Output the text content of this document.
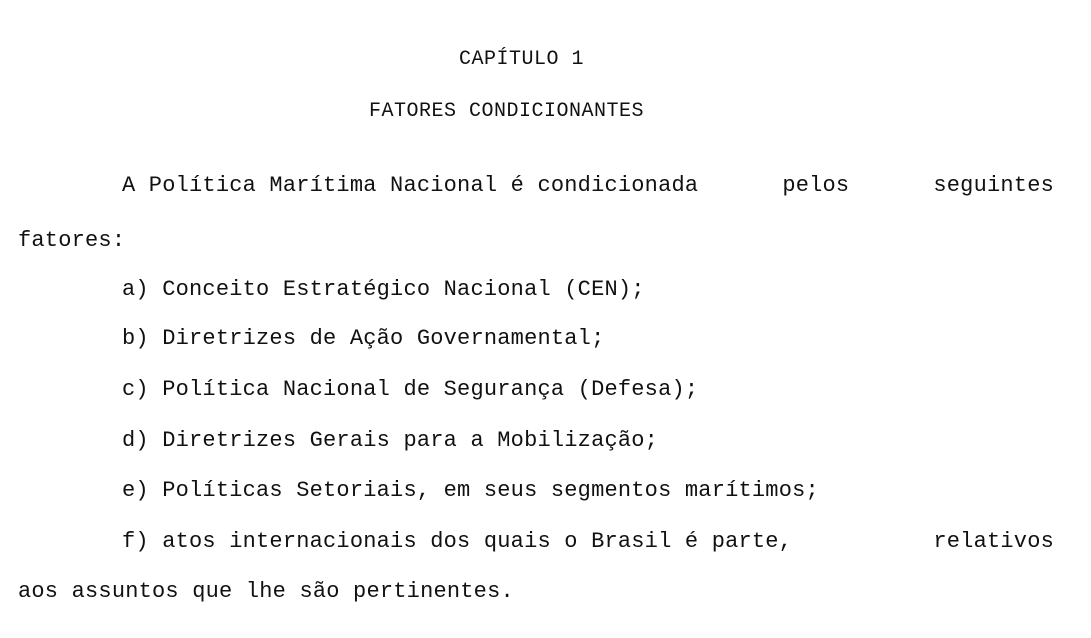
CAPÍTULO 1
FATORES CONDICIONANTES
A Política Marítima Nacional é condicionada	pelos	seguintes
fatores:
a) Conceito Estratégico Nacional (CEN);
b) Diretrizes de Ação Governamental;
c) Política Nacional de Segurança (Defesa);
d) Diretrizes Gerais para a Mobilização;
e) Políticas Setoriais, em seus segmentos marítimos;
f) atos internacionais dos quais o Brasil é parte,	relativos
aos assuntos que lhe são pertinentes.
